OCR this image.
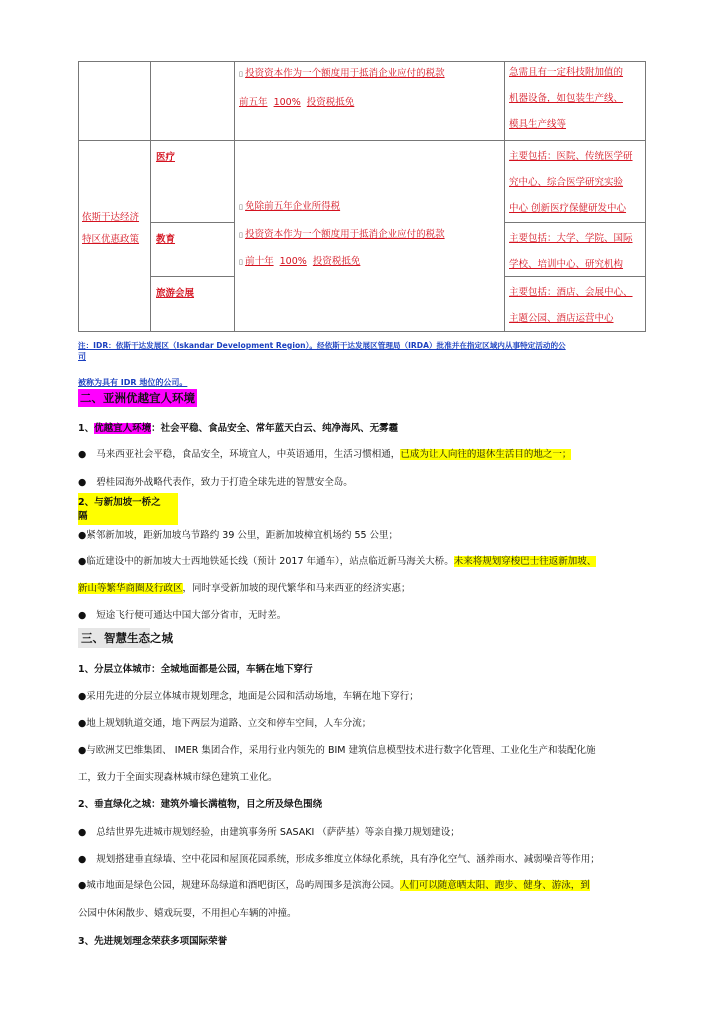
▯ 投资资本作为一个额度用于抵消企业应付的税款
前五年 100% 投资税抵免
急需且有一定科技附加值的
机器设备，如包装生产线、
模具生产线等
依斯干达经济
特区优惠政策
医疗
教育
旅游会展
▯ 免除前五年企业所得税
▯ 投资资本作为一个额度用于抵消企业应付的税款
▯ 前十年 100% 投资税抵免
主要包括：医院、传统医学研
究中心、综合医学研究实验
中心 创新医疗保健研发中心
主要包括：大学、学院、国际
学校、培训中心、研究机构
主要包括：酒店、会展中心、
主题公园、酒店运营中心
注：IDR：依斯干达发展区（Iskandar Development Region）。经依斯干达发展区管理局（IRDA）批准并在指定区域内从事特定活动的公
司
被称为具有 IDR 地位的公司。
二、亚洲优越宜人环境
1、优越宜人环境：社会平稳、食品安全、常年蓝天白云、纯净海风、无雾霾
● 马来西亚社会平稳，食品安全，环境宜人，中英语通用，生活习惯相通，已成为让人向往的退休生活目的地之一；
● 碧桂园海外战略代表作，致力于打造全球先进的智慧安全岛。
2、与新加坡一桥之
隔
●紧邻新加坡，距新加坡乌节路约 39 公里，距新加坡樟宜机场约 55 公里；
●临近建设中的新加坡大士西地铁延长线（预计 2017 年通车），站点临近新马海关大桥。未来将规划穿梭巴士往返新加坡、
新山等繁华商圈及行政区，同时享受新加坡的现代繁华和马来西亚的经济实惠；
● 短途飞行便可通达中国大部分省市，无时差。
三、智慧生态之城
1、分层立体城市：全城地面都是公园，车辆在地下穿行
●采用先进的分层立体城市规划理念，地面是公园和活动场地，车辆在地下穿行；
●地上规划轨道交通，地下两层为道路、立交和停车空间，人车分流；
●与欧洲艾巴维集团、 IMER 集团合作，采用行业内领先的 BIM 建筑信息模型技术进行数字化管理、工业化生产和装配化施
工，致力于全面实现森林城市绿色建筑工业化。
2、垂直绿化之城：建筑外墙长满植物，目之所及绿色围绕
● 总结世界先进城市规划经验，由建筑事务所 SASAKI （萨萨基）等亲自操刀规划建设；
● 规划搭建垂直绿墙、空中花园和屋顶花园系统，形成多维度立体绿化系统，具有净化空气、涵养雨水、减弱噪音等作用；
●城市地面是绿色公园，规建环岛绿道和酒吧街区，岛屿周围多是滨海公园。人们可以随意晒太阳、跑步、健身、游泳，到
公园中休闲散步、嬉戏玩耍，不用担心车辆的冲撞。
3、先进规划理念荣获多项国际荣誉
